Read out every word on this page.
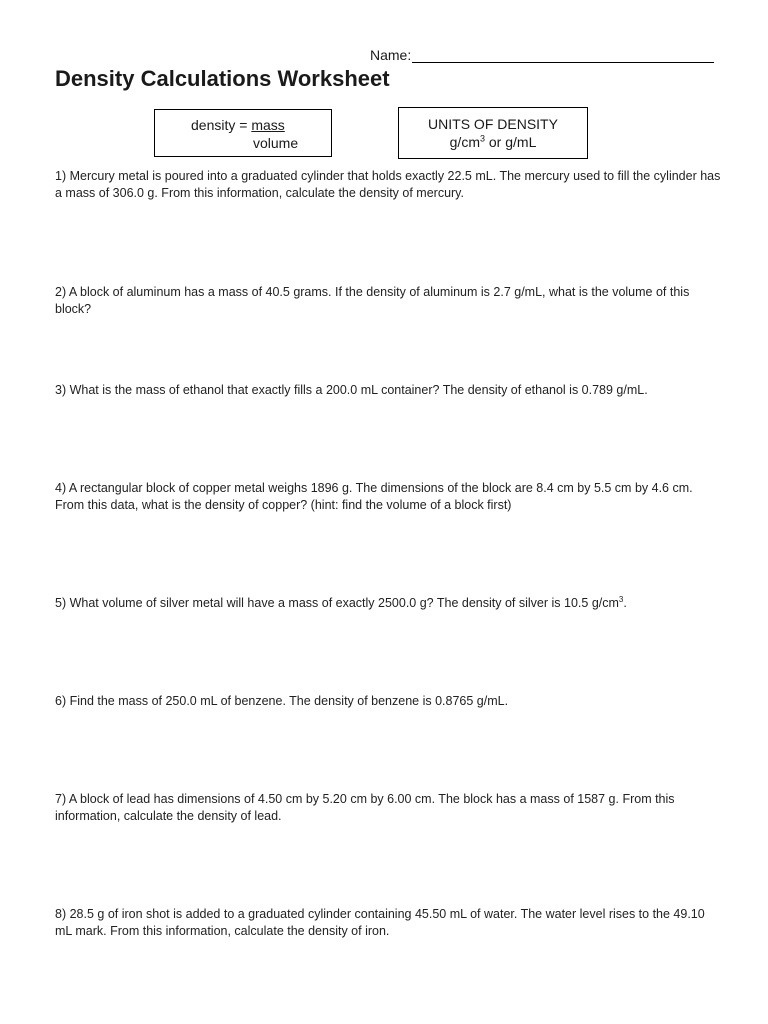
Name:
Density Calculations Worksheet
density = mass
volume
UNITS OF DENSITY
$g/cm^3$ or g/mL

1) Mercury metal is poured into a graduated cylinder that holds exactly 22.5 mL. The mercury used to fill the cylinder has a mass of 306.0 g. From this information, calculate the density of mercury.

2) A block of aluminum has a mass of 40.5 grams. If the density of aluminum is 2.7 g/mL, what is the volume of this block?

3) What is the mass of ethanol that exactly fills a 200.0 mL container? The density of ethanol is 0.789 g/mL.

4) A rectangular block of copper metal weighs 1896 g. The dimensions of the block are 8.4 cm by 5.5 cm by 4.6 cm. From this data, what is the density of copper? (hint: find the volume of a block first)

5) What volume of silver metal will have a mass of exactly 2500.0 g? The density of silver is 10.5 $g/cm^3$.

6) Find the mass of 250.0 mL of benzene. The density of benzene is 0.8765 g/mL.

7) A block of lead has dimensions of 4.50 cm by 5.20 cm by 6.00 cm. The block has a mass of 1587 g. From this information, calculate the density of lead.

8) 28.5 g of iron shot is added to a graduated cylinder containing 45.50 mL of water. The water level rises to the 49.10 mL mark. From this information, calculate the density of iron.
